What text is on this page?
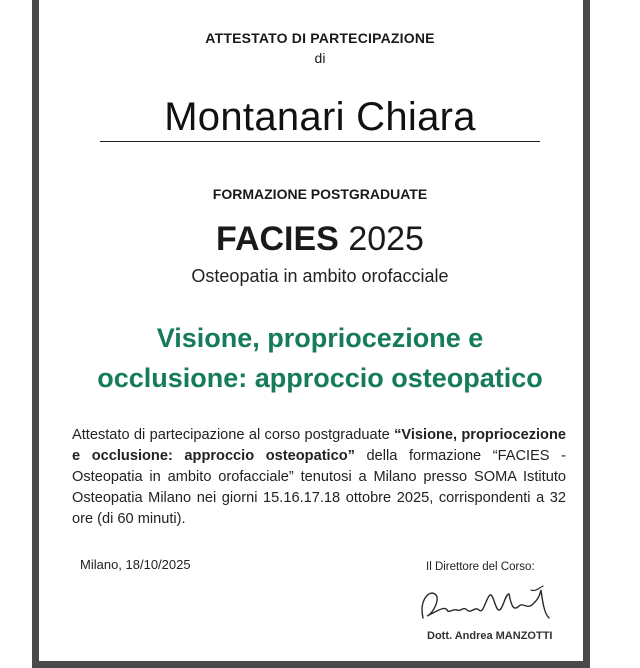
ATTESTATO DI PARTECIPAZIONE
di
Montanari Chiara
FORMAZIONE POSTGRADUATE
FACIES 2025
Osteopatia in ambito orofacciale
Visione, propriocezione e
occlusione: approccio osteopatico
Attestato di partecipazione al corso postgraduate “Visione, propriocezione e occlusione: approccio osteopatico” della formazione “FACIES - Osteopatia in ambito orofacciale” tenutosi a Milano presso SOMA Istituto Osteopatia Milano nei giorni 15.16.17.18 ottobre 2025, corrispondenti a 32 ore (di 60 minuti).
Milano, 18/10/2025	Il Direttore del Corso:
Dott. Andrea MANZOTTI
